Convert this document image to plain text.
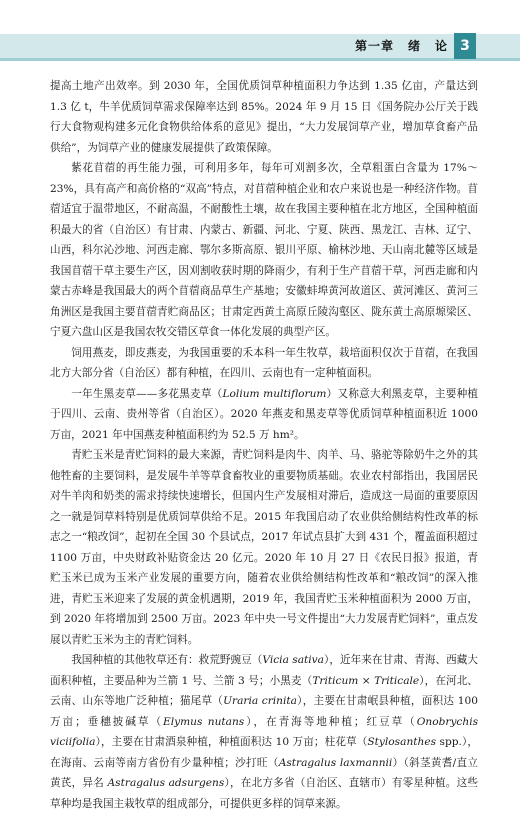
第一章 绪 论 3

提高土地产出效率。到 2030 年，全国优质饲草种植面积力争达到 1.35 亿亩，产量达到 1.3 亿 t，牛羊优质饲草需求保障率达到 85%。2024 年 9 月 15 日《国务院办公厅关于践行大食物观构建多元化食物供给体系的意见》提出，“大力发展饲草产业，增加草食畜产品供给”，为饲草产业的健康发展提供了政策保障。

紫花苜蓿的再生能力强，可利用多年，每年可刈割多次，全草粗蛋白含量为 17%～23%，具有高产和高价格的“双高”特点，对苜蓿种植企业和农户来说也是一种经济作物。苜蓿适宜于温带地区，不耐高温，不耐酸性土壤，故在我国主要种植在北方地区，全国种植面积最大的省（自治区）有甘肃、内蒙古、新疆、河北、宁夏、陕西、黑龙江、吉林、辽宁、山西，科尔沁沙地、河西走廊、鄂尔多斯高原、银川平原、榆林沙地、天山南北麓等区域是我国苜蓿干草主要生产区，因刈割收获时期的降雨少，有利于生产苜蓿干草，河西走廊和内蒙古赤峰是我国最大的两个苜蓿商品草生产基地；安徽蚌埠黄河故道区、黄河滩区、黄河三角洲区是我国主要苜蓿青贮商品区；甘肃定西黄土高原丘陵沟壑区、陇东黄土高原塬梁区、宁夏六盘山区是我国农牧交错区草食一体化发展的典型产区。

饲用燕麦，即皮燕麦，为我国重要的禾本科一年生牧草，栽培面积仅次于苜蓿，在我国北方大部分省（自治区）都有种植，在四川、云南也有一定种植面积。

一年生黑麦草——多花黑麦草（Lolium multiflorum）又称意大利黑麦草，主要种植于四川、云南、贵州等省（自治区）。2020 年燕麦和黑麦草等优质饲草种植面积近 1000 万亩，2021 年中国燕麦种植面积约为 52.5 万 hm²。

青贮玉米是青贮饲料的最大来源，青贮饲料是肉牛、肉羊、马、骆驼等除奶牛之外的其他牲畜的主要饲料，是发展牛羊等草食畜牧业的重要物质基础。农业农村部指出，我国居民对牛羊肉和奶类的需求持续快速增长，但国内生产发展相对滞后，造成这一局面的重要原因之一就是饲草料特别是优质饲草供给不足。2015 年我国启动了农业供给侧结构性改革的标志之一“粮改饲”，起初在全国 30 个县试点，2017 年试点县扩大到 431 个，覆盖面积超过 1100 万亩，中央财政补贴资金达 20 亿元。2020 年 10 月 27 日《农民日报》报道，青贮玉米已成为玉米产业发展的重要方向，随着农业供给侧结构性改革和“粮改饲”的深入推进，青贮玉米迎来了发展的黄金机遇期，2019 年，我国青贮玉米种植面积为 2000 万亩，到 2020 年将增加到 2500 万亩。2023 年中央一号文件提出“大力发展青贮饲料”，重点发展以青贮玉米为主的青贮饲料。

我国种植的其他牧草还有：救荒野豌豆（Vicia sativa），近年来在甘肃、青海、西藏大面积种植，主要品种为兰箭 1 号、兰箭 3 号；小黑麦（Triticum × Triticale），在河北、云南、山东等地广泛种植；猫尾草（Uraria crinita），主要在甘肃岷县种植，面积达 100 万亩；垂穗披碱草（Elymus nutans），在青海等地种植；红豆草（Onobrychis viciifolia），主要在甘肃酒泉种植，种植面积达 10 万亩；柱花草（Stylosanthes spp.），在海南、云南等南方省份有少量种植；沙打旺（Astragalus laxmannii）（斜茎黄耆/直立黄芪，异名 Astragalus adsurgens），在北方多省（自治区、直辖市）有零星种植。这些草种均是我国主栽牧草的组成部分，可提供更多样的饲草来源。
